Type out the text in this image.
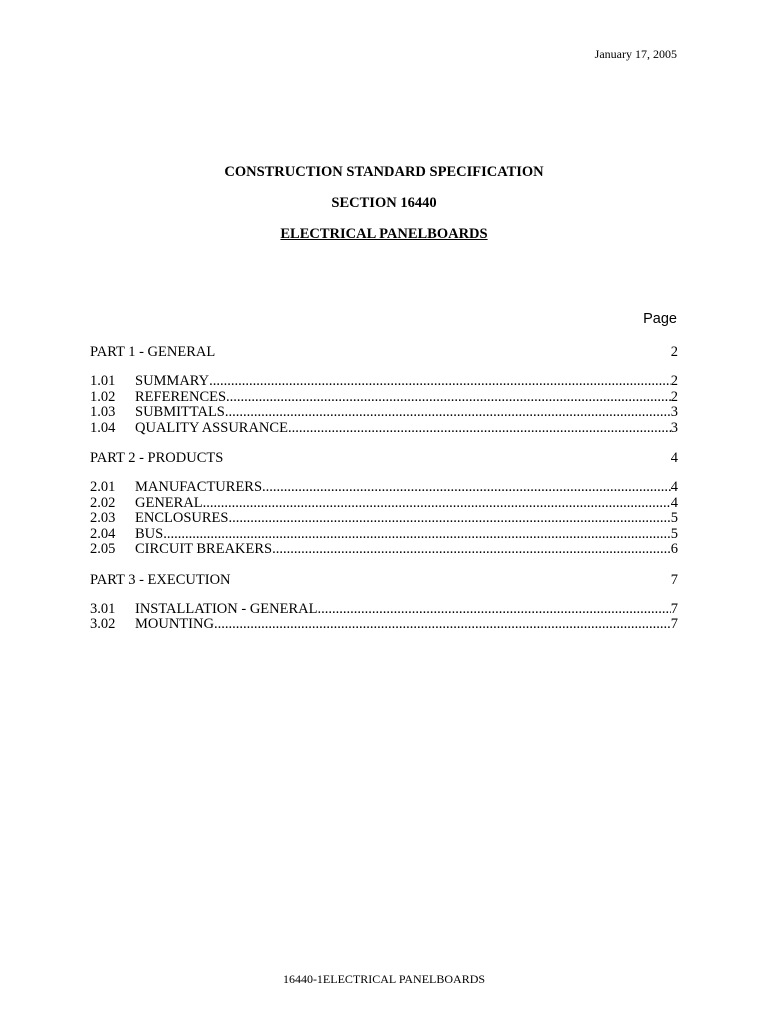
January 17, 2005

CONSTRUCTION STANDARD SPECIFICATION

SECTION 16440

ELECTRICAL PANELBOARDS

Page
PART 1 - GENERAL	2
1.01	SUMMARY .....	2
1.02	REFERENCES .....	2
1.03	SUBMITTALS .....	3
1.04	QUALITY ASSURANCE .....	3
PART 2 - PRODUCTS	4
2.01	MANUFACTURERS .....	4
2.02	GENERAL .....	4
2.03	ENCLOSURES .....	5
2.04	BUS .....	5
2.05	CIRCUIT BREAKERS .....	6
PART 3 - EXECUTION	7
3.01	INSTALLATION - GENERAL .....	7
3.02	MOUNTING .....	7
16440-1ELECTRICAL PANELBOARDS
